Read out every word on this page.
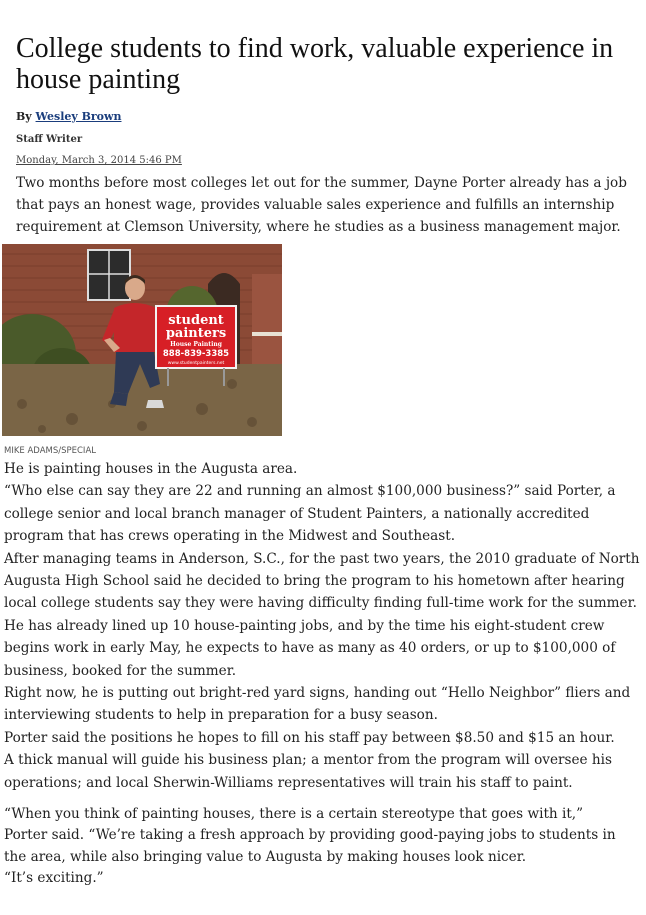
College students to find work, valuable experience in house painting
By Wesley Brown
Staff Writer
Monday, March 3, 2014 5:46 PM

Two months before most colleges let out for the summer, Dayne Porter already has a job that pays an honest wage, provides valuable sales experience and fulfills an internship requirement at Clemson University, where he studies as a business management major.

student
painters
House Painting
888-839-3385
www.studentpainters.net
MIKE ADAMS/SPECIAL

He is painting houses in the Augusta area.

“Who else can say they are 22 and running an almost $100,000 business?” said Porter, a college senior and local branch manager of Student Painters, a nationally accredited program that has crews operating in the Midwest and Southeast.

After managing teams in Anderson, S.C., for the past two years, the 2010 graduate of North Augusta High School said he decided to bring the program to his hometown after hearing local college students say they were having difficulty finding full-time work for the summer.

He has already lined up 10 house-painting jobs, and by the time his eight-student crew begins work in early May, he expects to have as many as 40 orders, or up to $100,000 of business, booked for the summer.

Right now, he is putting out bright-red yard signs, handing out “Hello Neighbor” fliers and interviewing students to help in preparation for a busy season.

Porter said the positions he hopes to fill on his staff pay between $8.50 and $15 an hour.

A thick manual will guide his business plan; a mentor from the program will oversee his operations; and local Sherwin-Williams representatives will train his staff to paint.

“When you think of painting houses, there is a certain stereotype that goes with it,”
Porter said. “We’re taking a fresh approach by providing good-paying jobs to students in
the area, while also bringing value to Augusta by making houses look nicer.
“It’s exciting.”
